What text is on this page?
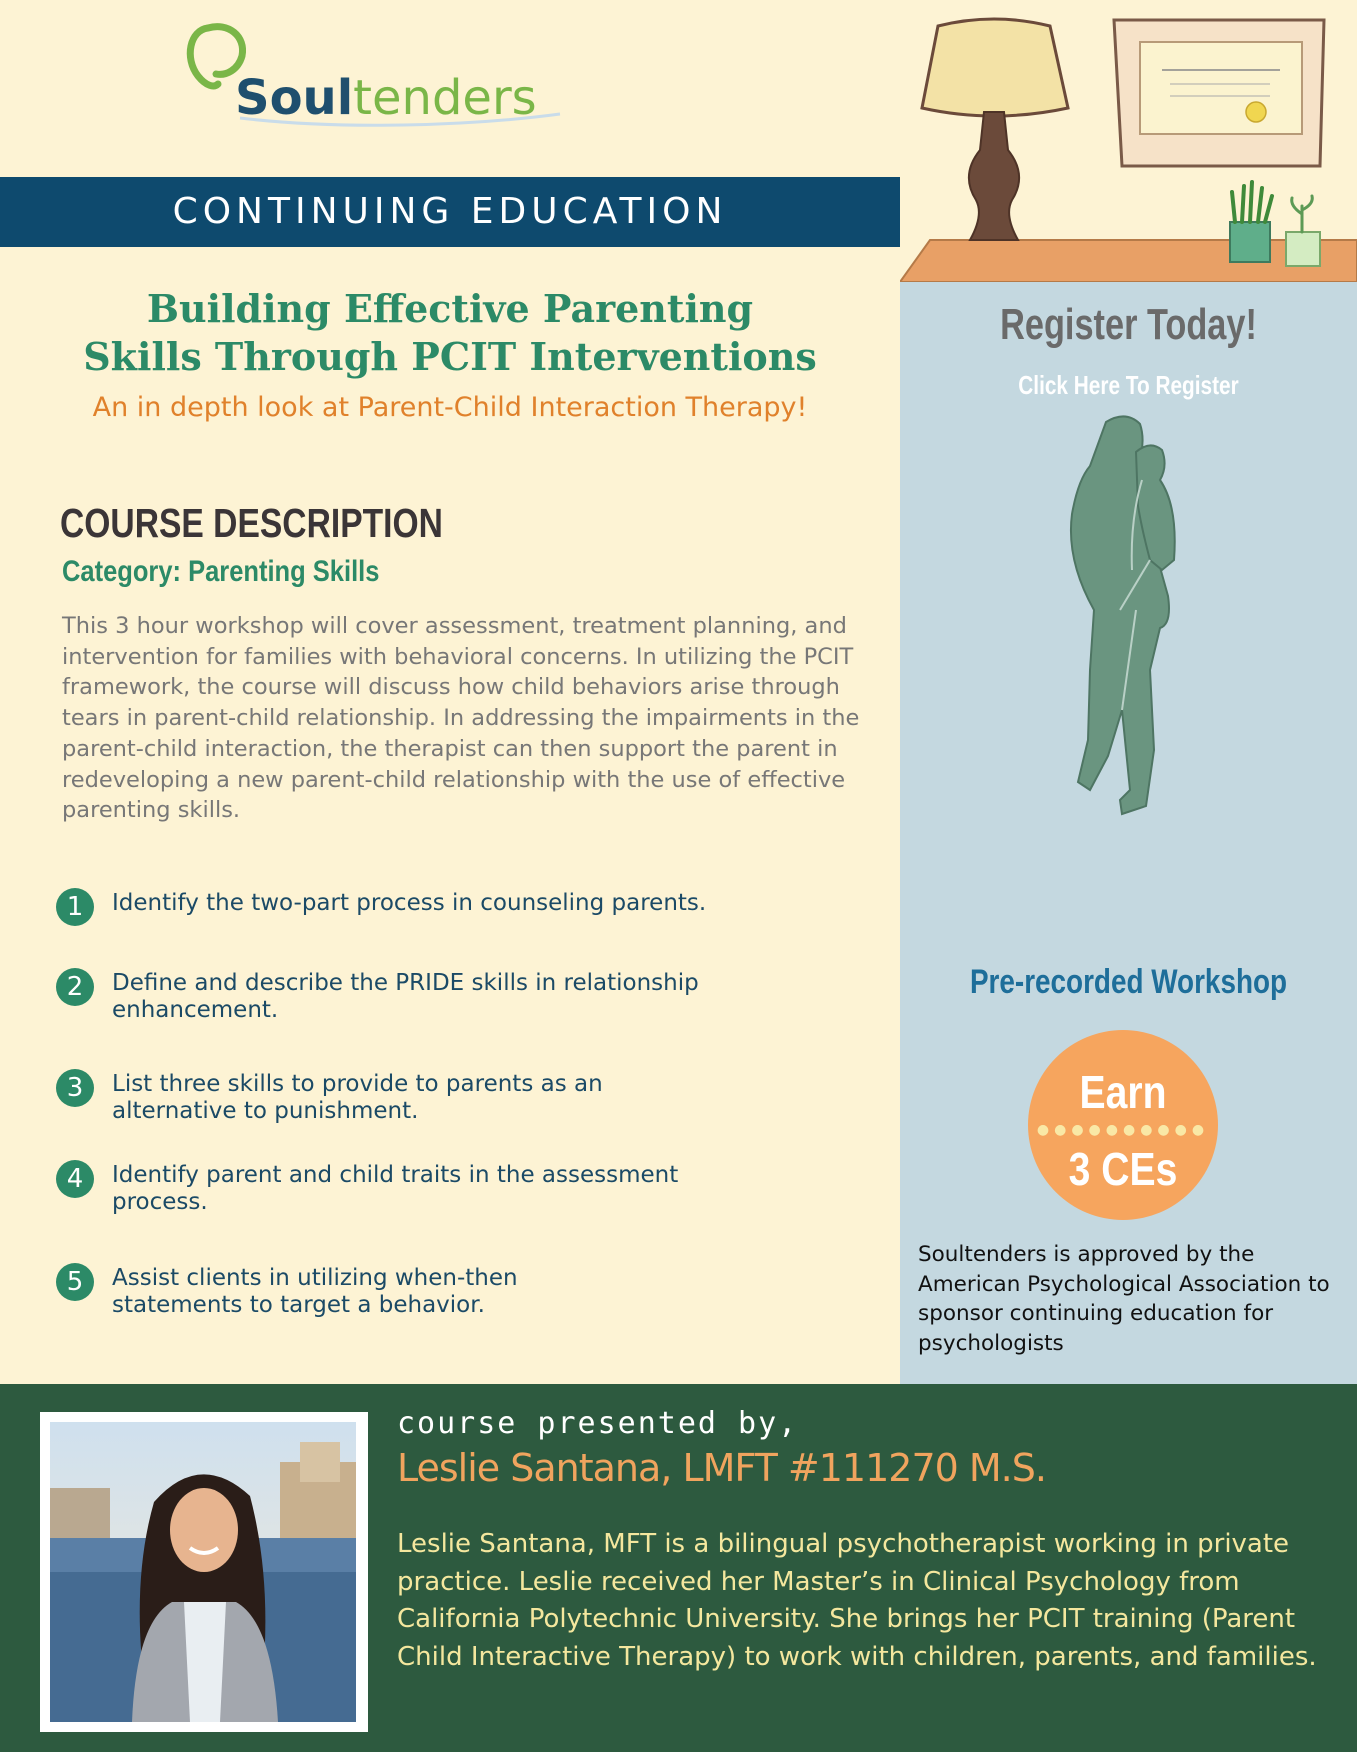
Soultenders
CONTINUING EDUCATION
Building Effective Parenting
Skills Through PCIT Interventions
An in depth look at Parent-Child Interaction Therapy!
COURSE DESCRIPTION
Category: Parenting Skills
This 3 hour workshop will cover assessment, treatment planning, and intervention for families with behavioral concerns. In utilizing the PCIT framework, the course will discuss how child behaviors arise through tears in parent-child relationship. In addressing the impairments in the parent-child interaction, the therapist can then support the parent in redeveloping a new parent-child relationship with the use of effective parenting skills.
1	Identify the two-part process in counseling parents.
2	Define and describe the PRIDE skills in relationship enhancement.
3	List three skills to provide to parents as an alternative to punishment.
4	Identify parent and child traits in the assessment process.
5	Assist clients in utilizing when-then statements to target a behavior.
Register Today!
Click Here To Register
Pre-recorded Workshop
Earn
●●●●●●●●●●
3 CEs
Soultenders is approved by the American Psychological Association to sponsor continuing education for psychologists
course presented by,
Leslie Santana, LMFT #111270 M.S.
Leslie Santana, MFT is a bilingual psychotherapist working in private practice. Leslie received her Master’s in Clinical Psychology from California Polytechnic University. She brings her PCIT training (Parent Child Interactive Therapy) to work with children, parents, and families.
